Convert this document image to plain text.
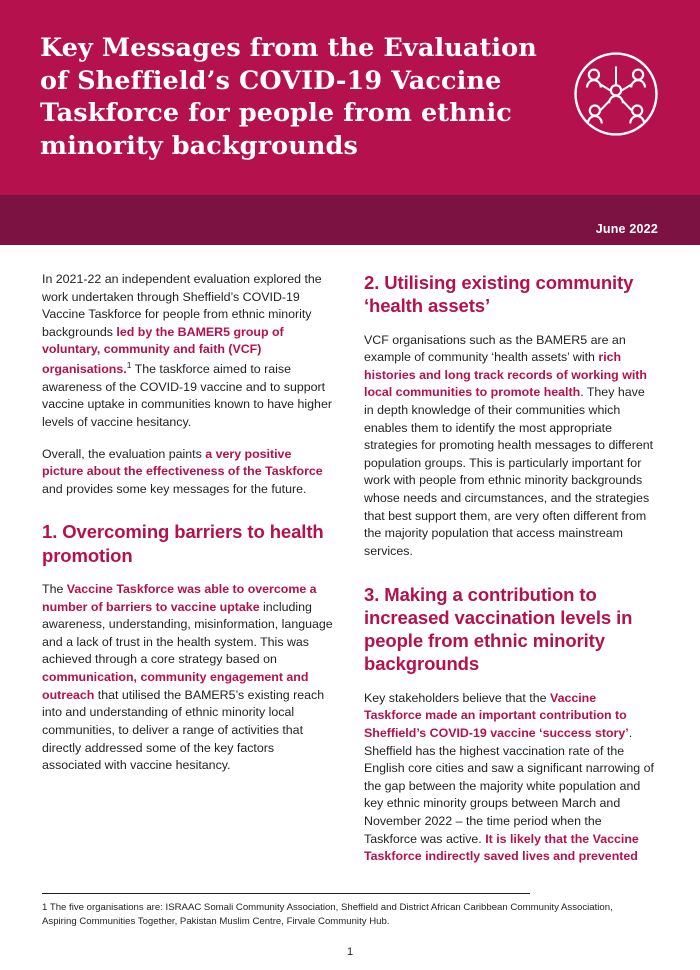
Key Messages from the Evaluation of Sheffield’s COVID-19 Vaccine Taskforce for people from ethnic minority backgrounds
June 2022

In 2021-22 an independent evaluation explored the work undertaken through Sheffield’s COVID-19 Vaccine Taskforce for people from ethnic minority backgrounds led by the BAMER5 group of voluntary, community and faith (VCF) organisations.$^1$ The taskforce aimed to raise awareness of the COVID-19 vaccine and to support vaccine uptake in communities known to have higher levels of vaccine hesitancy.

Overall, the evaluation paints a very positive picture about the effectiveness of the Taskforce and provides some key messages for the future.

1. Overcoming barriers to health promotion

The Vaccine Taskforce was able to overcome a number of barriers to vaccine uptake including awareness, understanding, misinformation, language and a lack of trust in the health system. This was achieved through a core strategy based on communication, community engagement and outreach that utilised the BAMER5’s existing reach into and understanding of ethnic minority local communities, to deliver a range of activities that directly addressed some of the key factors associated with vaccine hesitancy.

2. Utilising existing community ‘health assets’

VCF organisations such as the BAMER5 are an example of community ‘health assets’ with rich histories and long track records of working with local communities to promote health. They have in depth knowledge of their communities which enables them to identify the most appropriate strategies for promoting health messages to different population groups. This is particularly important for work with people from ethnic minority backgrounds whose needs and circumstances, and the strategies that best support them, are very often different from the majority population that access mainstream services.

3. Making a contribution to increased vaccination levels in people from ethnic minority backgrounds

Key stakeholders believe that the Vaccine Taskforce made an important contribution to Sheffield’s COVID-19 vaccine ‘success story’. Sheffield has the highest vaccination rate of the English core cities and saw a significant narrowing of the gap between the majority white population and key ethnic minority groups between March and November 2022 – the time period when the Taskforce was active. It is likely that the Vaccine Taskforce indirectly saved lives and prevented

1 The five organisations are: ISRAAC Somali Community Association, Sheffield and District African Caribbean Community Association, Aspiring Communities Together, Pakistan Muslim Centre, Firvale Community Hub.
1
